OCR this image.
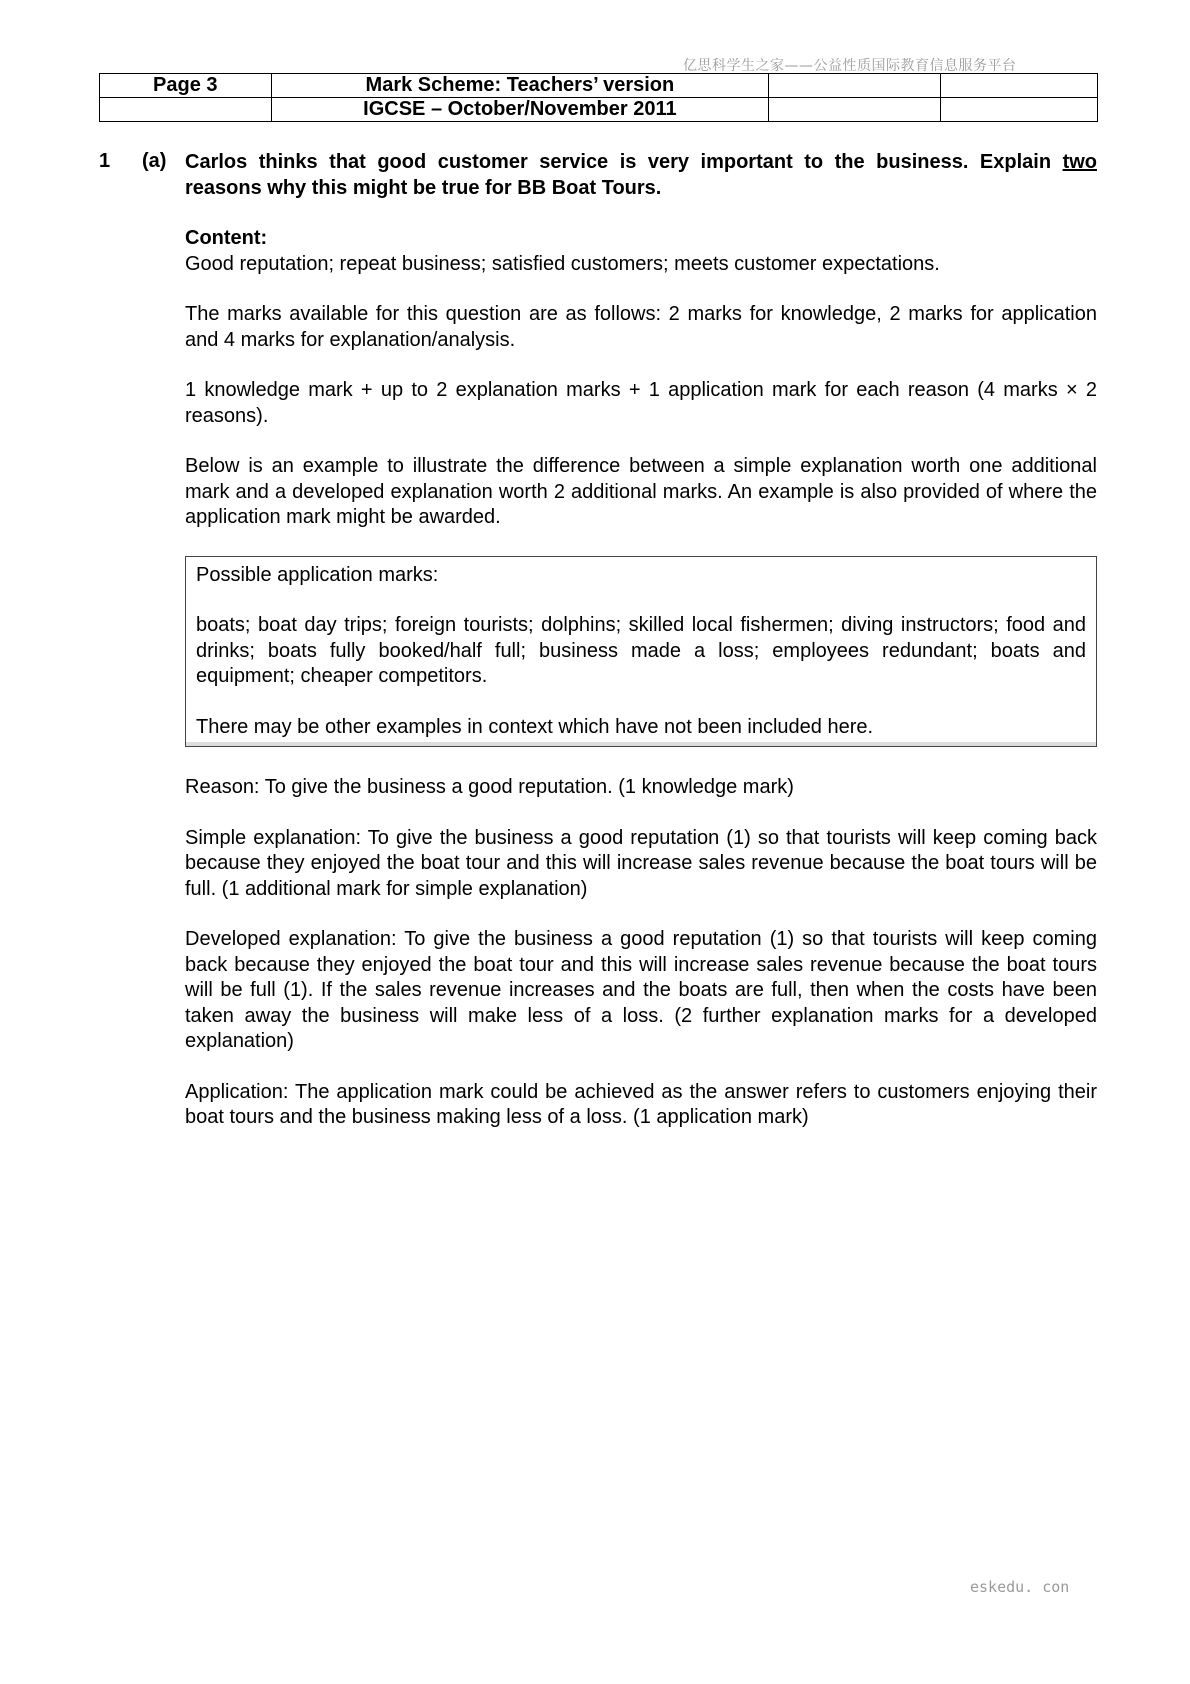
亿思科学生之家——公益性质国际教育信息服务平台
Page 3	Mark Scheme: Teachers’ version		
	IGCSE – October/November 2011		
1 (a) Carlos thinks that good customer service is very important to the business. Explain two reasons why this might be true for BB Boat Tours.

Content:

Good reputation; repeat business; satisfied customers; meets customer expectations.

The marks available for this question are as follows: 2 marks for knowledge, 2 marks for application and 4 marks for explanation/analysis.

1 knowledge mark + up to 2 explanation marks + 1 application mark for each reason (4 marks × 2 reasons).

Below is an example to illustrate the difference between a simple explanation worth one additional mark and a developed explanation worth 2 additional marks. An example is also provided of where the application mark might be awarded.

Possible application marks:

boats; boat day trips; foreign tourists; dolphins; skilled local fishermen; diving instructors; food and drinks; boats fully booked/half full; business made a loss; employees redundant; boats and equipment; cheaper competitors.

There may be other examples in context which have not been included here.

Reason: To give the business a good reputation. (1 knowledge mark)

Simple explanation: To give the business a good reputation (1) so that tourists will keep coming back because they enjoyed the boat tour and this will increase sales revenue because the boat tours will be full. (1 additional mark for simple explanation)

Developed explanation: To give the business a good reputation (1) so that tourists will keep coming back because they enjoyed the boat tour and this will increase sales revenue because the boat tours will be full (1). If the sales revenue increases and the boats are full, then when the costs have been taken away the business will make less of a loss. (2 further explanation marks for a developed explanation)

Application: The application mark could be achieved as the answer refers to customers enjoying their boat tours and the business making less of a loss. (1 application mark)

eskedu. con
